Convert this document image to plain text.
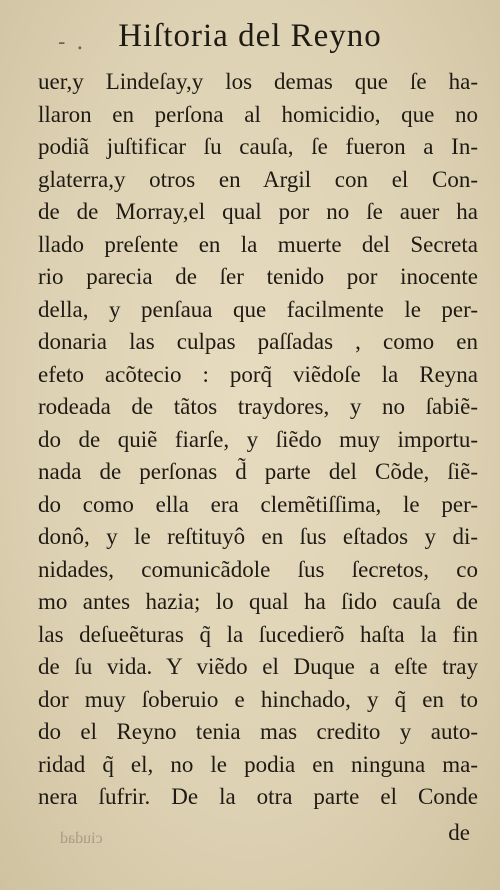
- . Hiſtoria del Reyno
uer,y Lindeſay,y los demas que ſe ha-
llaron en perſona al homicidio, que no
podiã juſtificar ſu cauſa, ſe fueron a In-
glaterra,y otros en Argil con el Con-
de de Morray,el qual por no ſe auer ha
llado preſente en la muerte del Secreta
rio parecia de ſer tenido por inocente
della, y penſaua que facilmente le per-
donaria las culpas paſſadas , como en
efeto acõtecio : porq̃ viẽdoſe la Reyna
rodeada de tãtos traydores, y no ſabiẽ-
do de quiẽ fiarſe, y ſiẽdo muy importu-
nada de perſonas d̃ parte del Cõde, ſiẽ-
do como ella era clemẽtiſſima, le per-
donô, y le reſtituyô en ſus eſtados y di-
nidades, comunicãdole ſus ſecretos, co
mo antes hazia; lo qual ha ſido cauſa de
las deſueẽturas q̃ la ſucedierõ haſta la fin
de ſu vida. Y viẽdo el Duque a eſte tray
dor muy ſoberuio e hinchado, y q̃ en to
do el Reyno tenia mas credito y auto-
ridad q̃ el, no le podia en ninguna ma-
nera ſufrir. De la otra parte el Conde
ciudad	de
